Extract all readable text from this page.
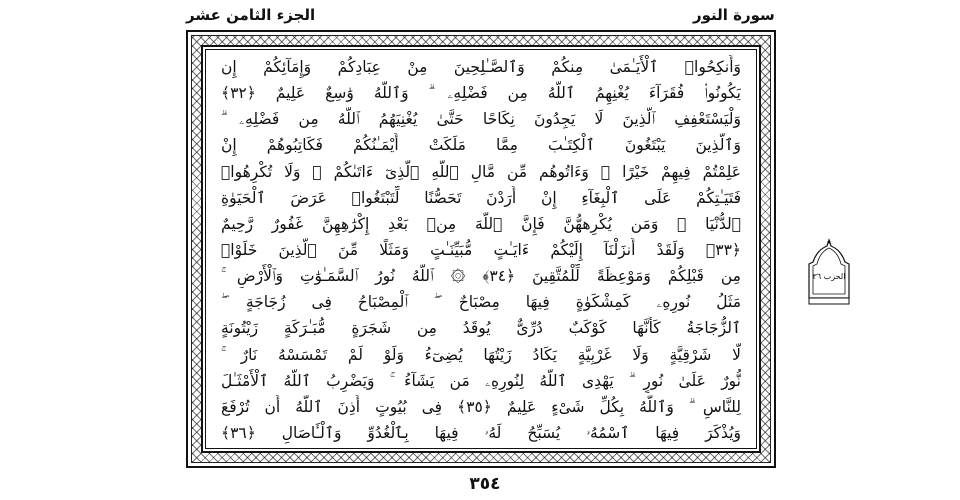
الجزء الثامن عشر	سورة النور
وَأَنكِحُوا۟ ٱلْأَيَـٰمَىٰ مِنكُمْ وَٱلصَّـٰلِحِينَ مِنْ عِبَادِكُمْ وَإِمَآئِكُمْ إِن
يَكُونُوا۟ فُقَرَآءَ يُغْنِهِمُ ٱللَّهُ مِن فَضْلِهِۦ ۗ وَٱللَّهُ وَٰسِعٌ عَلِيمٌ ﴿٣٢﴾
وَلْيَسْتَعْفِفِ ٱلَّذِينَ لَا يَجِدُونَ نِكَاحًا حَتَّىٰ يُغْنِيَهُمُ ٱللَّهُ مِن فَضْلِهِۦ ۗ
وَٱلَّذِينَ يَبْتَغُونَ ٱلْكِتَـٰبَ مِمَّا مَلَكَتْ أَيْمَـٰنُكُمْ فَكَاتِبُوهُمْ إِنْ
عَلِمْتُمْ فِيهِمْ خَيْرًا ۖ وَءَاتُوهُم مِّن مَّالِ ٱللَّهِ ٱلَّذِىٓ ءَاتَىٰكُمْ ۚ وَلَا تُكْرِهُوا۟
فَتَيَـٰتِكُمْ عَلَى ٱلْبِغَآءِ إِنْ أَرَدْنَ تَحَصُّنًا لِّتَبْتَغُوا۟ عَرَضَ ٱلْحَيَوٰةِ
ٱلدُّنْيَا ۚ وَمَن يُكْرِههُّنَّ فَإِنَّ ٱللَّهَ مِنۢ بَعْدِ إِكْرَٰهِهِنَّ غَفُورٌ رَّحِيمٌ
﴿٣٣﴾ وَلَقَدْ أَنزَلْنَآ إِلَيْكُمْ ءَايَـٰتٍ مُّبَيِّنَـٰتٍ وَمَثَلًا مِّنَ ٱلَّذِينَ خَلَوْا۟
مِن قَبْلِكُمْ وَمَوْعِظَةً لِّلْمُتَّقِينَ ﴿٣٤﴾ ۞ ٱللَّهُ نُورُ ٱلسَّمَـٰوَٰتِ وَٱلْأَرْضِ ۚ
مَثَلُ نُورِهِۦ كَمِشْكَوٰةٍ فِيهَا مِصْبَاحٌ ۖ ٱلْمِصْبَاحُ فِى زُجَاجَةٍ ۖ
ٱلزُّجَاجَةُ كَأَنَّهَا كَوْكَبٌ دُرِّىٌّ يُوقَدُ مِن شَجَرَةٍ مُّبَـٰرَكَةٍ زَيْتُونَةٍ
لَّا شَرْقِيَّةٍ وَلَا غَرْبِيَّةٍ يَكَادُ زَيْتُهَا يُضِىٓءُ وَلَوْ لَمْ تَمْسَسْهُ نَارٌ ۚ
نُّورٌ عَلَىٰ نُورٍ ۗ يَهْدِى ٱللَّهُ لِنُورِهِۦ مَن يَشَآءُ ۚ وَيَضْرِبُ ٱللَّهُ ٱلْأَمْثَـٰلَ
لِلنَّاسِ ۗ وَٱللَّهُ بِكُلِّ شَىْءٍ عَلِيمٌ ﴿٣٥﴾ فِى بُيُوتٍ أَذِنَ ٱللَّهُ أَن تُرْفَعَ
وَيُذْكَرَ فِيهَا ٱسْمُهُۥ يُسَبِّحُ لَهُۥ فِيهَا بِٱلْغُدُوِّ وَٱلْـَٔاصَالِ ﴿٣٦﴾
الحزب ٣٦
٣٥٤
